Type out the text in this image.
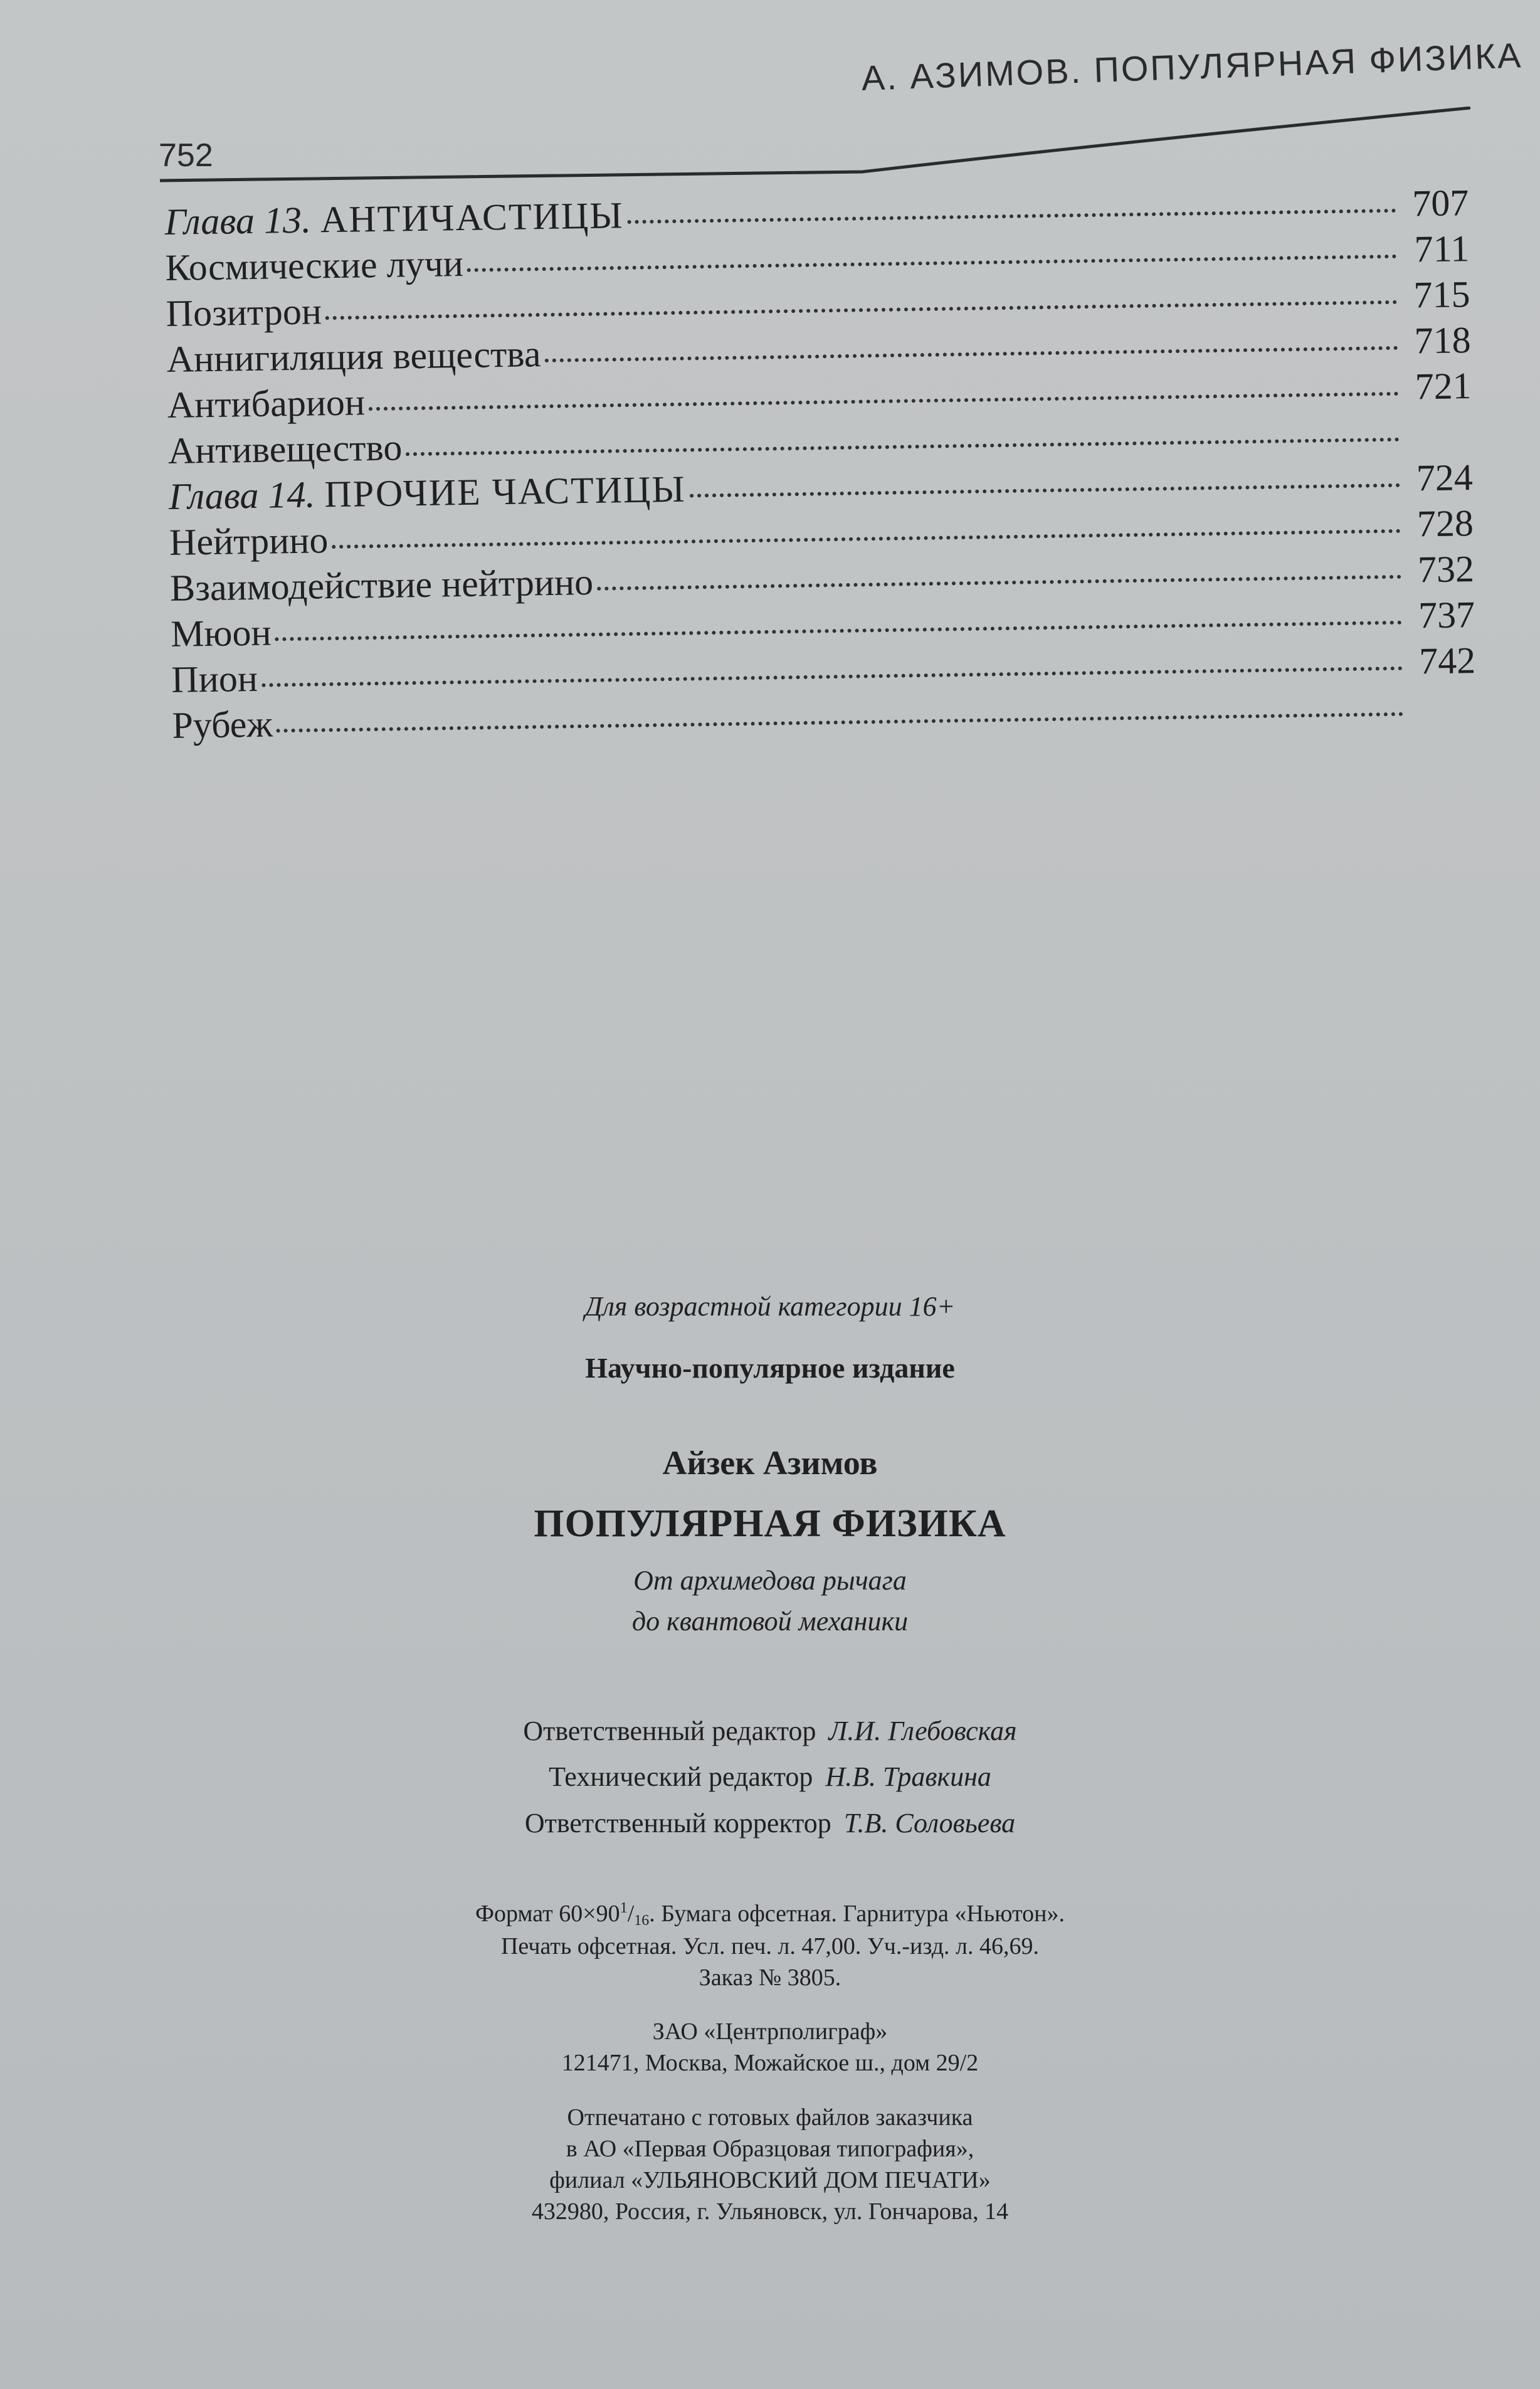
А. АЗИМОВ. ПОПУЛЯРНАЯ ФИЗИКА
752
Глава 13. АНТИЧАСТИЦЫ	707
Космические лучи	711
Позитрон	715
Аннигиляция вещества	718
Антибарион	721
Антивещество
Глава 14. ПРОЧИЕ ЧАСТИЦЫ	724
Нейтрино	728
Взаимодействие нейтрино	732
Мюон	737
Пион	742
Рубеж
Для возрастной категории 16+
Научно-популярное издание
Айзек Азимов
ПОПУЛЯРНАЯ ФИЗИКА
От архимедова рычага
до квантовой механики
Ответственный редактор Л.И. Глебовская
Технический редактор Н.В. Травкина
Ответственный корректор Т.В. Соловьева
Формат $60\times 90^1/_{16}$. Бумага офсетная. Гарнитура «Ньютон».
Печать офсетная. Усл. печ. л. 47,00. Уч.-изд. л. 46,69.
Заказ № 3805.
ЗАО «Центрполиграф»
121471, Москва, Можайское ш., дом 29/2
Отпечатано с готовых файлов заказчика
в АО «Первая Образцовая типография»,
филиал «УЛЬЯНОВСКИЙ ДОМ ПЕЧАТИ»
432980, Россия, г. Ульяновск, ул. Гончарова, 14
